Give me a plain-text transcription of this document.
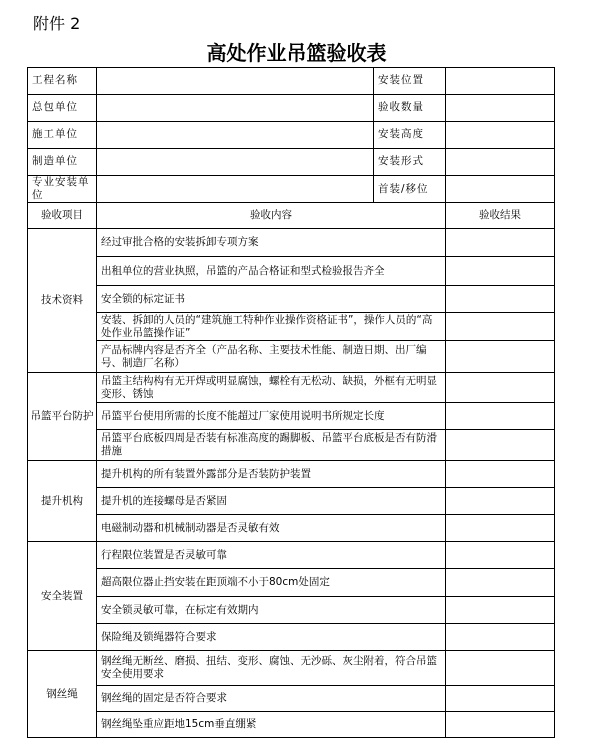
附件 2
高处作业吊篮验收表
工程名称		安装位置	
总包单位		验收数量	
施工单位		安装高度	
制造单位		安装形式	
专业安装单位		首装/移位	
验收项目	验收内容		验收结果
技术资料	经过审批合格的安装拆卸专项方案		
	出租单位的营业执照，吊篮的产品合格证和型式检验报告齐全		
	安全锁的标定证书		
	安装、拆卸的人员的“建筑施工特种作业操作资格证书”，操作人员的“高处作业吊篮操作证”		
	产品标牌内容是否齐全（产品名称、主要技术性能、制造日期、出厂编号、制造厂名称）		
吊篮平台防护	吊篮主结构构有无开焊或明显腐蚀，螺栓有无松动、缺损，外框有无明显变形、锈蚀		
	吊篮平台使用所需的长度不能超过厂家使用说明书所规定长度		
	吊篮平台底板四周是否装有标准高度的踢脚板、吊篮平台底板是否有防滑措施		
提升机构	提升机构的所有装置外露部分是否装防护装置		
	提升机的连接螺母是否紧固		
	电磁制动器和机械制动器是否灵敏有效		
安全装置	行程限位装置是否灵敏可靠		
	超高限位器止挡安装在距顶端不小于80cm处固定		
	安全锁灵敏可靠，在标定有效期内		
	保险绳及锁绳器符合要求		
钢丝绳	钢丝绳无断丝、磨损、扭结、变形、腐蚀、无沙砾、灰尘附着，符合吊篮安全使用要求		
	钢丝绳的固定是否符合要求		
	钢丝绳坠重应距地15cm垂直绷紧		
